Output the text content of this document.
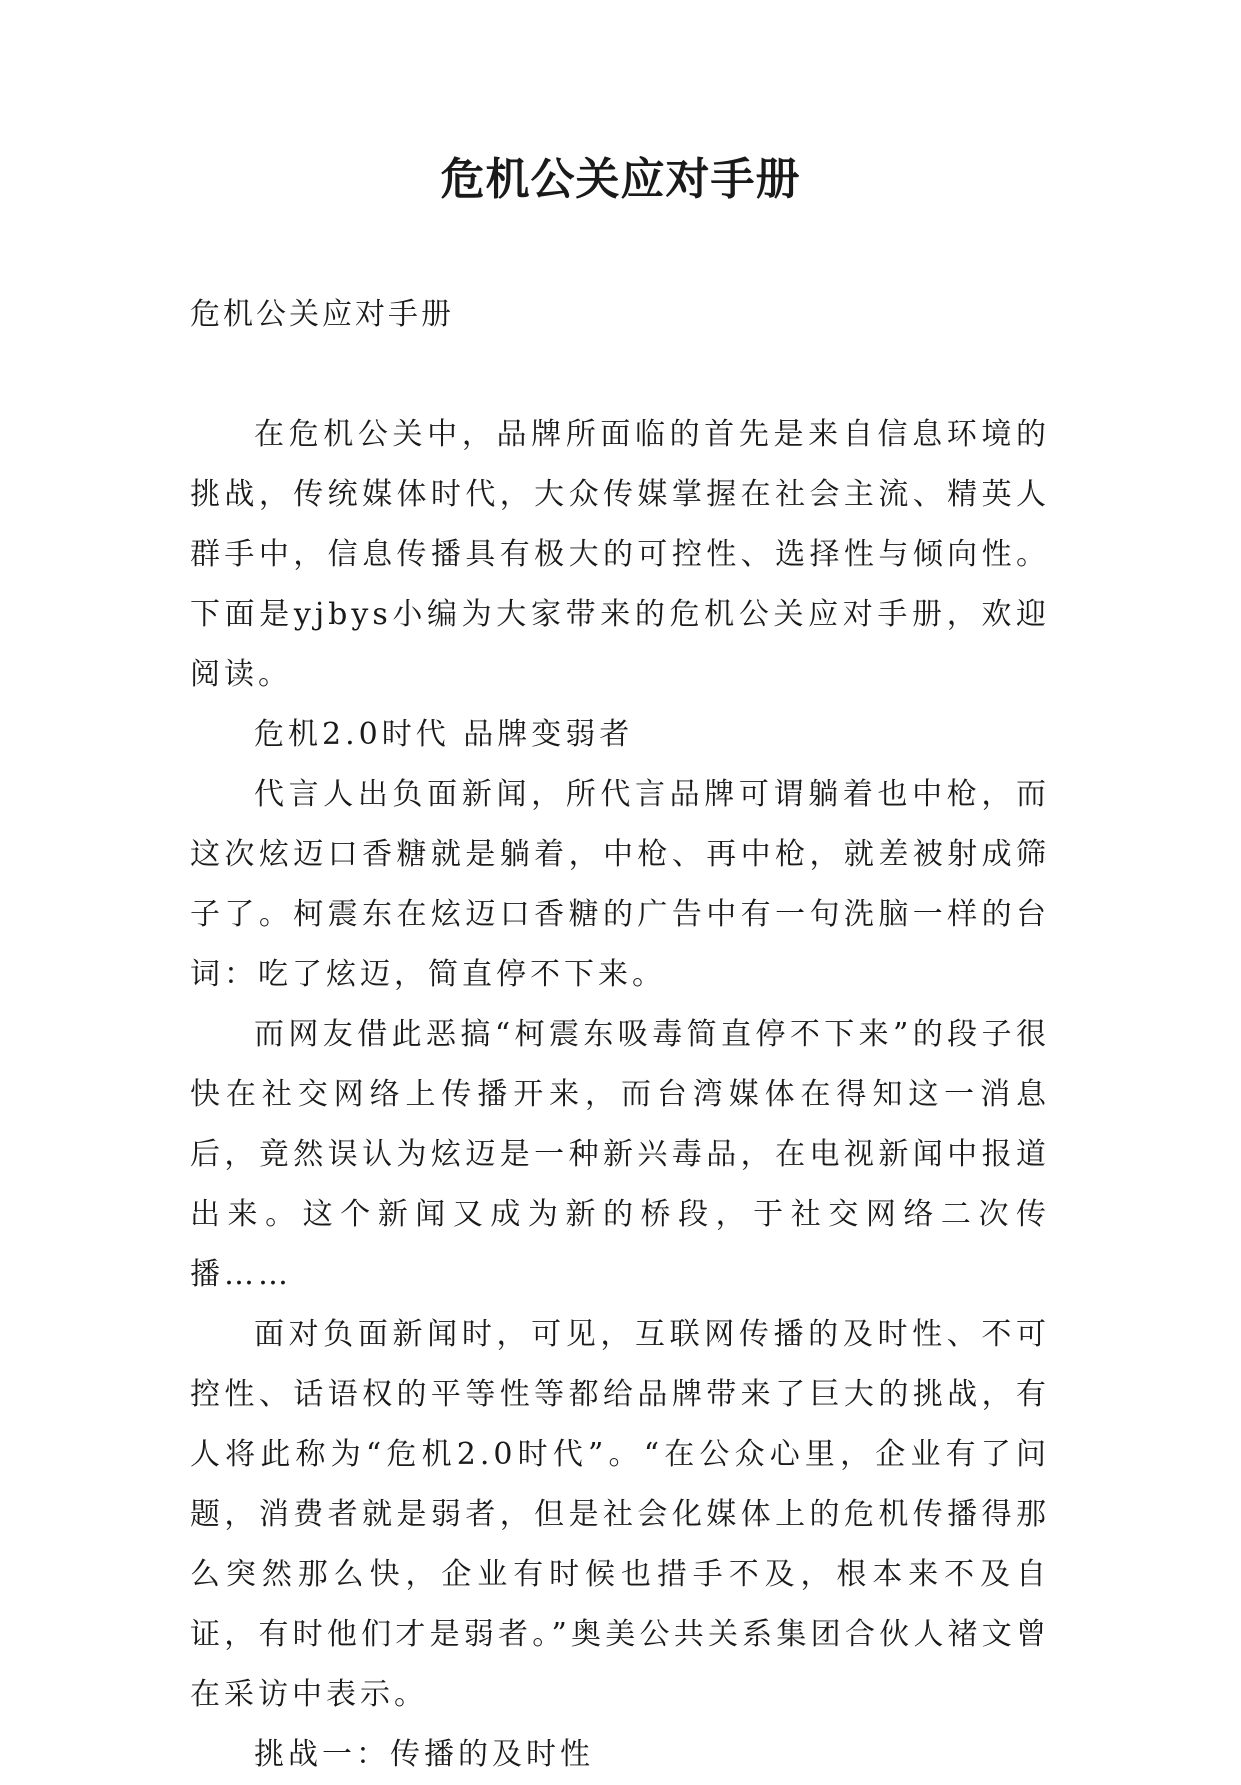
危机公关应对手册

危机公关应对手册

在危机公关中，品牌所面临的首先是来自信息环境的挑战，传统媒体时代，大众传媒掌握在社会主流、精英人群手中，信息传播具有极大的可控性、选择性与倾向性。下面是yjbys小编为大家带来的危机公关应对手册，欢迎阅读。

危机2.0时代 品牌变弱者

代言人出负面新闻，所代言品牌可谓躺着也中枪，而这次炫迈口香糖就是躺着，中枪、再中枪，就差被射成筛子了。柯震东在炫迈口香糖的广告中有一句洗脑一样的台词：吃了炫迈，简直停不下来。

而网友借此恶搞“柯震东吸毒简直停不下来”的段子很快在社交网络上传播开来，而台湾媒体在得知这一消息后，竟然误认为炫迈是一种新兴毒品，在电视新闻中报道出来。这个新闻又成为新的桥段，于社交网络二次传播……

面对负面新闻时，可见，互联网传播的及时性、不可控性、话语权的平等性等都给品牌带来了巨大的挑战，有人将此称为“危机2.0时代”。“在公众心里，企业有了问题，消费者就是弱者，但是社会化媒体上的危机传播得那么突然那么快，企业有时候也措手不及，根本来不及自证，有时他们才是弱者。”奥美公共关系集团合伙人褚文曾在采访中表示。

挑战一：传播的及时性
